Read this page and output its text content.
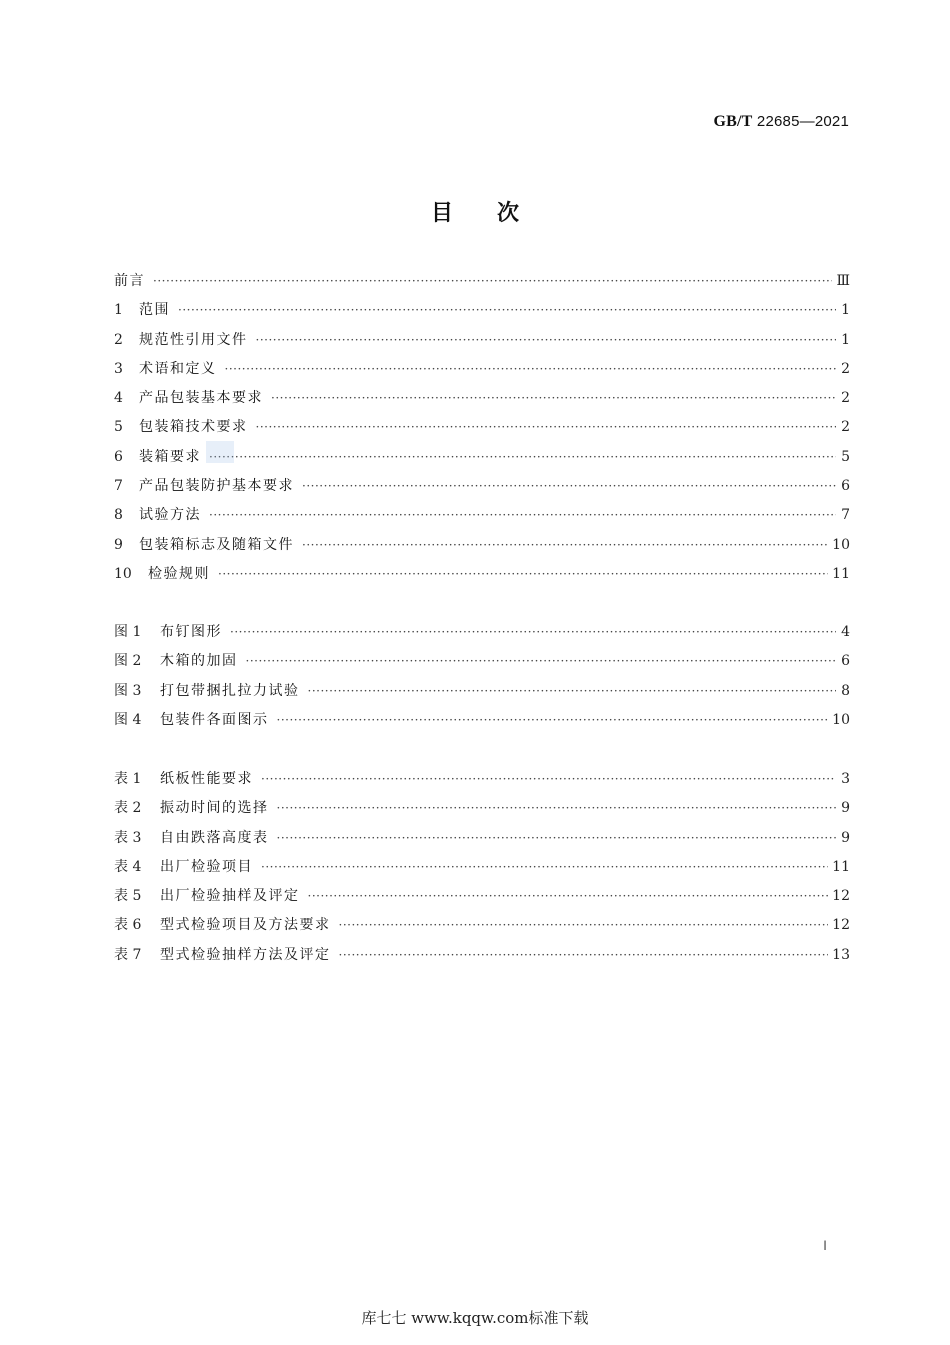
GB/T 22685—2021
目次
前言 ·····	Ⅲ
1	范围 ·····	1
2	规范性引用文件 ·····	1
3	术语和定义 ·····	2
4	产品包装基本要求 ·····	2
5	包装箱技术要求 ·····	2
6	装箱要求 ·····	5
7	产品包装防护基本要求 ·····	6
8	试验方法 ·····	7
9	包装箱标志及随箱文件 ·····	10
10	检验规则 ·····	11
图 1	布钉图形 ·····	4
图 2	木箱的加固 ·····	6
图 3	打包带捆扎拉力试验 ·····	8
图 4	包装件各面图示 ·····	10
表 1	纸板性能要求 ·····	3
表 2	振动时间的选择 ·····	9
表 3	自由跌落高度表 ·····	9
表 4	出厂检验项目 ·····	11
表 5	出厂检验抽样及评定 ·····	12
表 6	型式检验项目及方法要求 ·····	12
表 7	型式检验抽样方法及评定 ·····	13
Ⅰ
库七七 www.kqqw.com标准下载
